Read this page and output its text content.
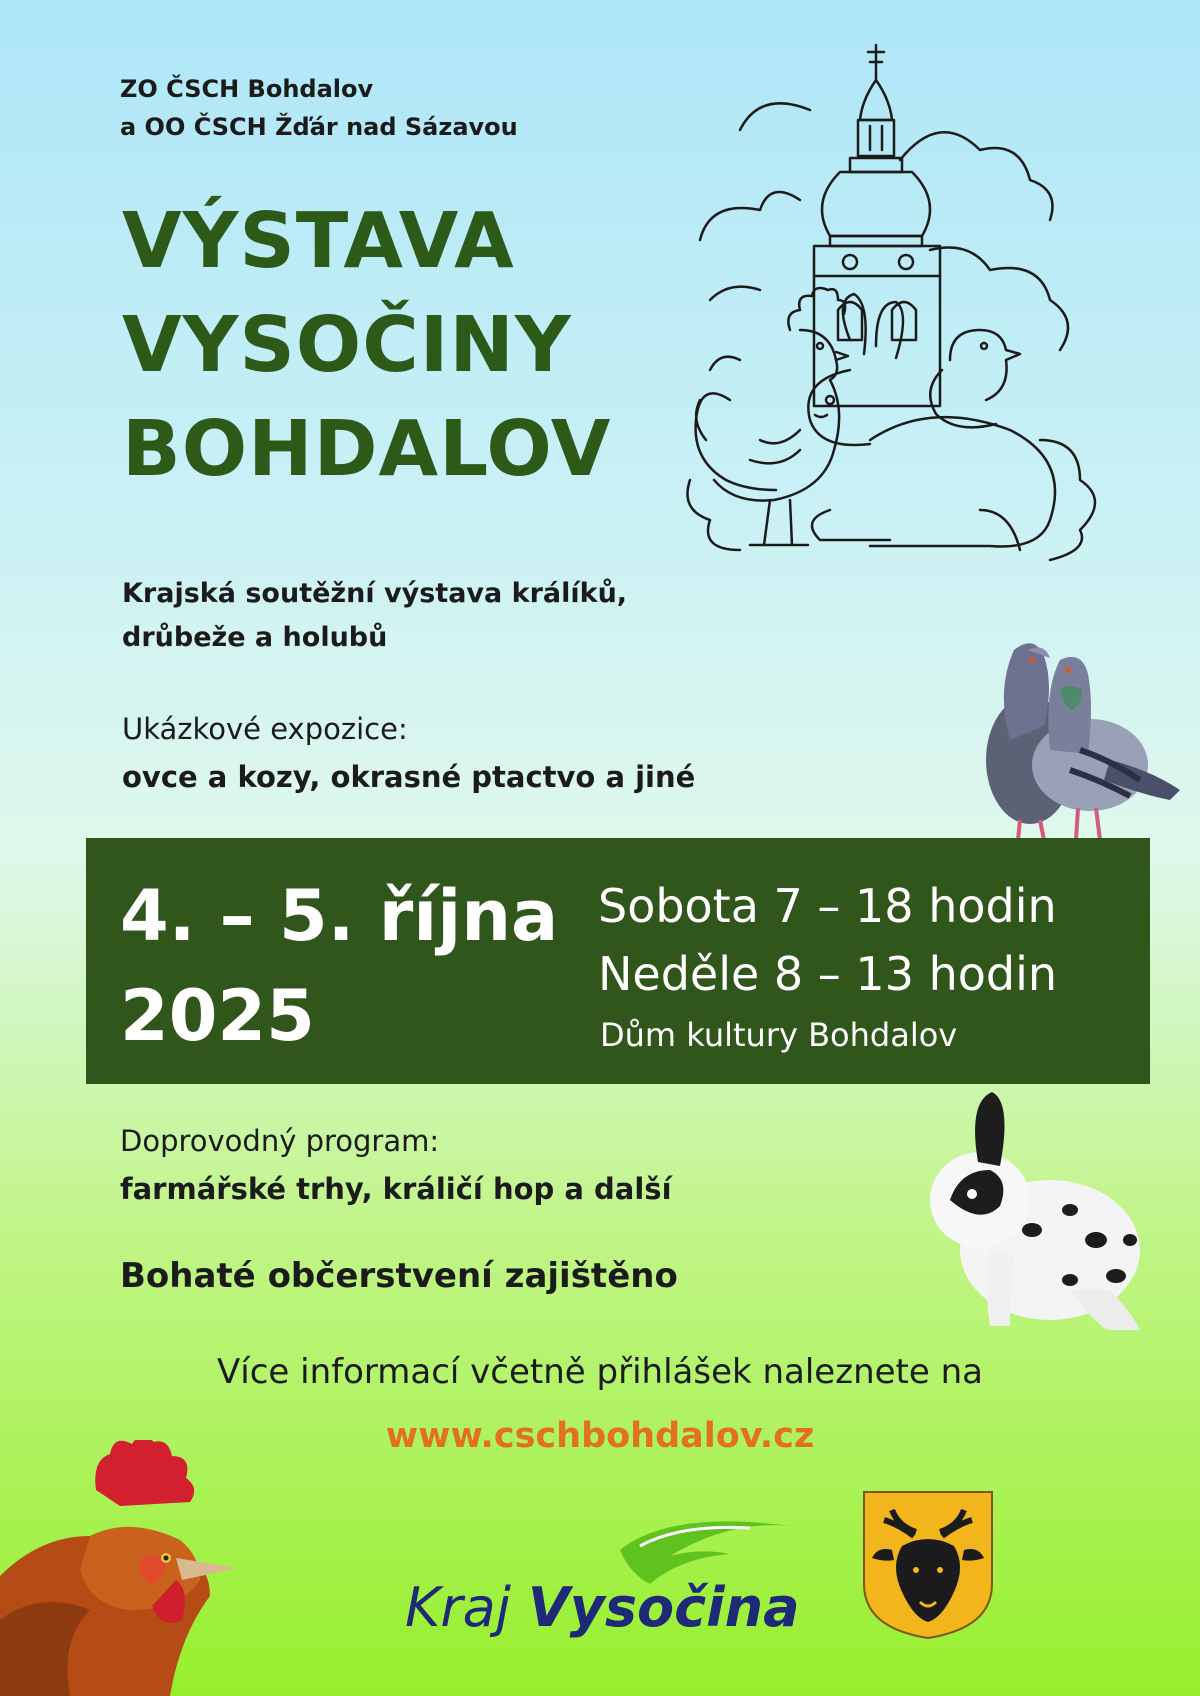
ZO ČSCH Bohdalov
a OO ČSCH Žďár nad Sázavou
VÝSTAVA
VYSOČINY
BOHDALOV
Krajská soutěžní výstava králíků,
drůbeže a holubů
Ukázkové expozice:
ovce a kozy, okrasné ptactvo a jiné
4. – 5. října
2025
Sobota 7 – 18 hodin
Neděle 8 – 13 hodin
Dům kultury Bohdalov
Doprovodný program:
farmářské trhy, králičí hop a další
Bohaté občerstvení zajištěno
Více informací včetně přihlášek naleznete na
www.cschbohdalov.cz
Kraj Vysočina
